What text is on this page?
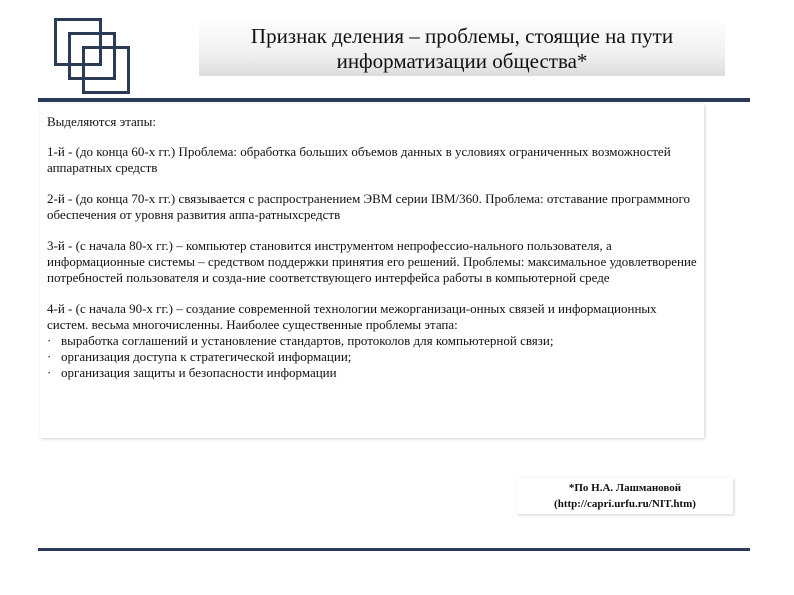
Признак деления – проблемы, стоящие на пути
информатизации общества*

Выделяются этапы:

1-й - (до конца 60-х гг.) Проблема: обработка больших объемов данных в условиях ограниченных возможностей аппаратных средств

2-й - (до конца 70-х гг.) связывается с распространением ЭВМ серии IBM/360. Проблема: отставание программного обеспечения от уровня развития аппа-ратныхсредств

3-й - (с начала 80-х гг.) – компьютер становится инструментом непрофессио-нального пользователя, а информационные системы – средством поддержки принятия его решений. Проблемы: максимальное удовлетворение потребностей пользователя и созда-ние соответствующего интерфейса работы в компьютерной среде

4-й - (с начала 90-х гг.) – создание современной технологии межорганизаци-онных связей и информационных систем. весьма многочисленны. Наиболее существенные проблемы этапа:

· выработка соглашений и установление стандартов, протоколов для компьютерной связи;
· организация доступа к стратегической информации;
· организация защиты и безопасности информации
*По Н.А. Лашмановой
(http://capri.urfu.ru/NIT.htm)
